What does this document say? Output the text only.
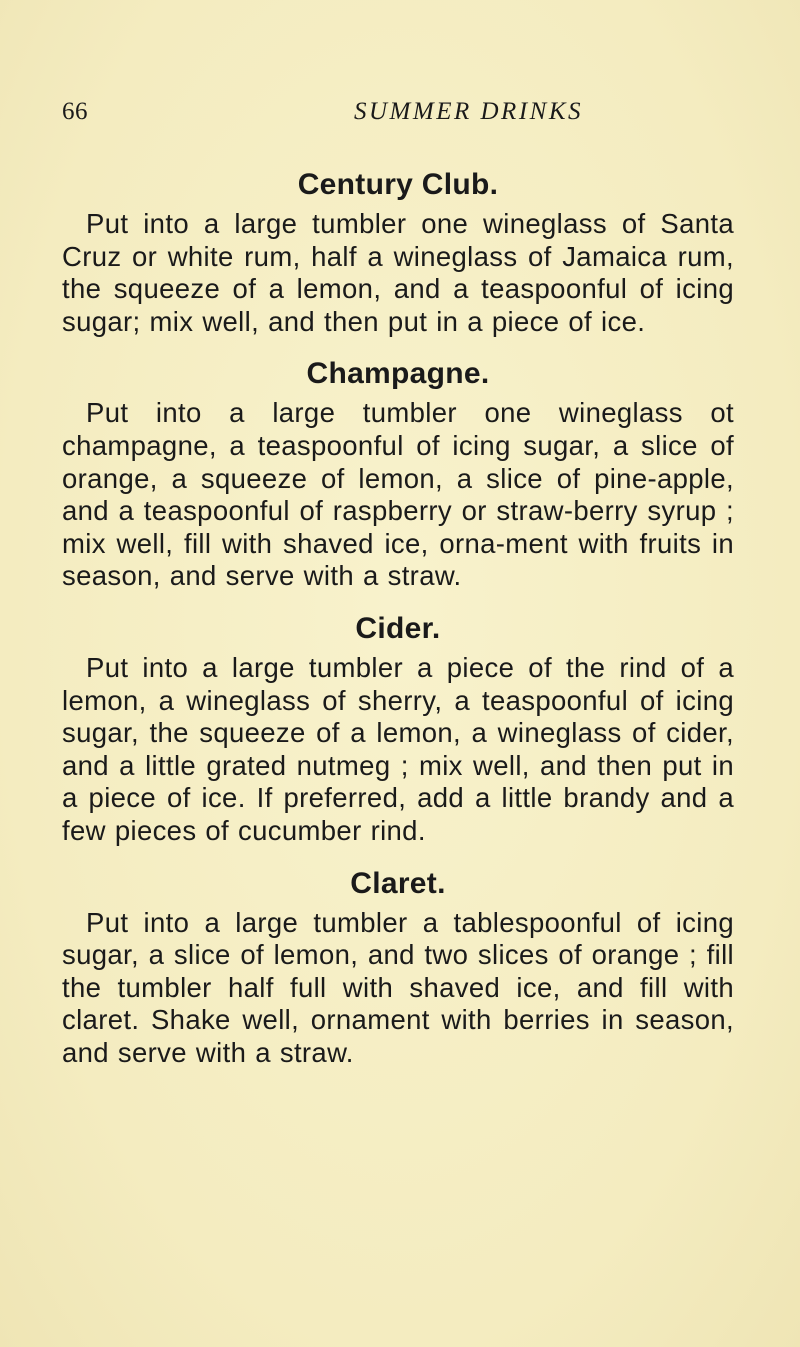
66	SUMMER DRINKS
Century Club.

Put into a large tumbler one wineglass of Santa Cruz or white rum, half a wineglass of Jamaica rum, the squeeze of a lemon, and a teaspoonful of icing sugar; mix well, and then put in a piece of ice.

Champagne.

Put into a large tumbler one wineglass ot champagne, a teaspoonful of icing sugar, a slice of orange, a squeeze of lemon, a slice of pine-apple, and a teaspoonful of raspberry or straw-berry syrup ; mix well, fill with shaved ice, orna-ment with fruits in season, and serve with a straw.

Cider.

Put into a large tumbler a piece of the rind of a lemon, a wineglass of sherry, a teaspoonful of icing sugar, the squeeze of a lemon, a wineglass of cider, and a little grated nutmeg ; mix well, and then put in a piece of ice. If preferred, add a little brandy and a few pieces of cucumber rind.

Claret.

Put into a large tumbler a tablespoonful of icing sugar, a slice of lemon, and two slices of orange ; fill the tumbler half full with shaved ice, and fill with claret. Shake well, ornament with berries in season, and serve with a straw.
